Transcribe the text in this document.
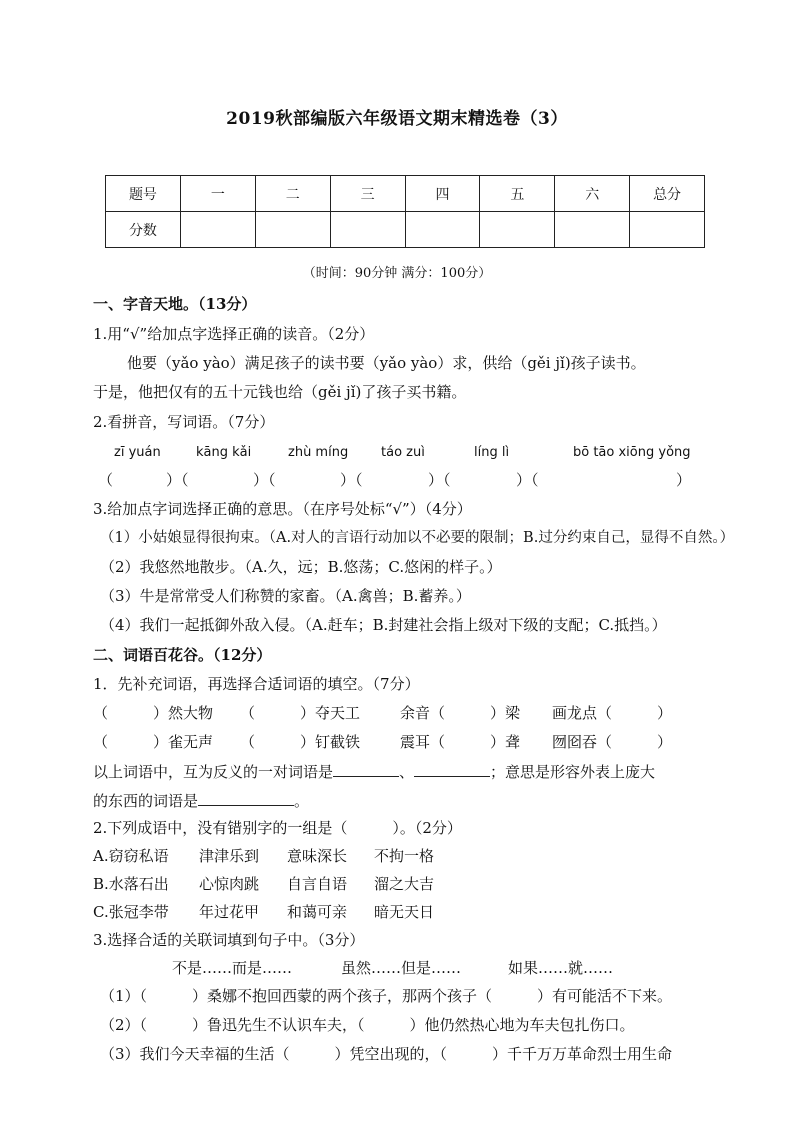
2019秋部编版六年级语文期末精选卷（3）
题号	一	二	三	四	五	六	总分
分数							
（时间：90分钟 满分：100分）
一、字音天地。（13分）
1.用“√”给加点字选择正确的读音。（2分）
他要（yǎo yào）满足孩子的读书要（yǎo yào）求，供给（gěi jǐ)孩子读书。
于是，他把仅有的五十元钱也给（gěi jǐ)了孩子买书籍。
2.看拼音，写词语。（7分）
zī yuán	kāng kǎi	zhù míng	táo zuì	líng lì	bō tāo xiōng yǒng
（	）（	）（	）（	）（	）（	）
3.给加点字词选择正确的意思。（在序号处标“√”）（4分）
（1）小姑娘显得很拘束。（A.对人的言语行动加以不必要的限制；B.过分约束自己，显得不自然。）
（2）我悠然地散步。（A.久，远；B.悠荡；C.悠闲的样子。）
（3）牛是常常受人们称赞的家畜。（A.禽兽；B.蓄养。）
（4）我们一起抵御外敌入侵。（A.赶车；B.封建社会指上级对下级的支配；C.抵挡。）
二、词语百花谷。（12分）
1．先补充词语，再选择合适词语的填空。（7分）
（　　　）然大物 （　　　）夺天工	余音（　　　）梁 画龙点（　　　）
（　　　）雀无声 （　　　）钉截铁	震耳（　　　）聋 囫囵吞（　　　）
以上词语中，互为反义的一对词语是	、	；意思是形容外表上庞大
的东西的词语是	。
2.下列成语中，没有错别字的一组是（　　　）。（2分）
A.窃窃私语 津津乐到 意味深长 不拘一格
B.水落石出 心惊肉跳 自言自语 溜之大吉
C.张冠李带 年过花甲 和蔼可亲 暗无天日
3.选择合适的关联词填到句子中。（3分）
不是……而是……	虽然……但是……	如果……就……
（1）（　　　）桑娜不抱回西蒙的两个孩子，那两个孩子（　　　）有可能活不下来。
（2）（　　　）鲁迅先生不认识车夫，（　　　）他仍然热心地为车夫包扎伤口。
（3）我们今天幸福的生活（　　　）凭空出现的，（　　　）千千万万革命烈士用生命
